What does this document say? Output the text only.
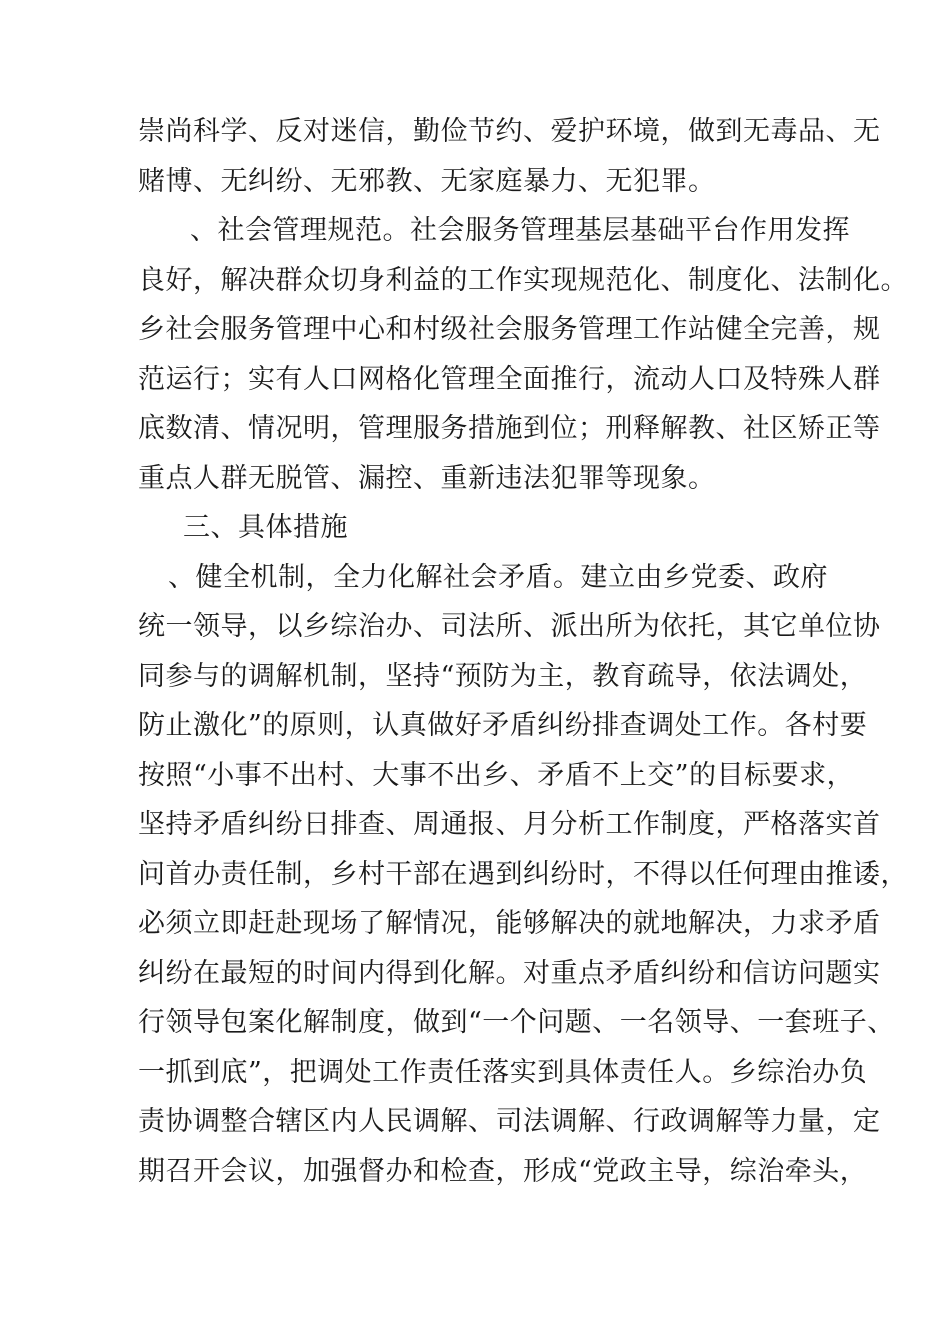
崇尚科学、反对迷信，勤俭节约、爱护环境，做到无毒品、无
赌博、无纠纷、无邪教、无家庭暴力、无犯罪。
、社会管理规范。社会服务管理基层基础平台作用发挥
良好，解决群众切身利益的工作实现规范化、制度化、法制化。
乡社会服务管理中心和村级社会服务管理工作站健全完善，规
范运行；实有人口网格化管理全面推行，流动人口及特殊人群
底数清、情况明，管理服务措施到位；刑释解教、社区矫正等
重点人群无脱管、漏控、重新违法犯罪等现象。
三、具体措施
、健全机制，全力化解社会矛盾。建立由乡党委、政府
统一领导，以乡综治办、司法所、派出所为依托，其它单位协
同参与的调解机制，坚持“预防为主，教育疏导，依法调处，
防止激化”的原则，认真做好矛盾纠纷排查调处工作。各村要
按照“小事不出村、大事不出乡、矛盾不上交”的目标要求，
坚持矛盾纠纷日排查、周通报、月分析工作制度，严格落实首
问首办责任制，乡村干部在遇到纠纷时，不得以任何理由推诿，
必须立即赶赴现场了解情况，能够解决的就地解决，力求矛盾
纠纷在最短的时间内得到化解。对重点矛盾纠纷和信访问题实
行领导包案化解制度，做到“一个问题、一名领导、一套班子、
一抓到底”，把调处工作责任落实到具体责任人。乡综治办负
责协调整合辖区内人民调解、司法调解、行政调解等力量，定
期召开会议，加强督办和检查，形成“党政主导，综治牵头，
